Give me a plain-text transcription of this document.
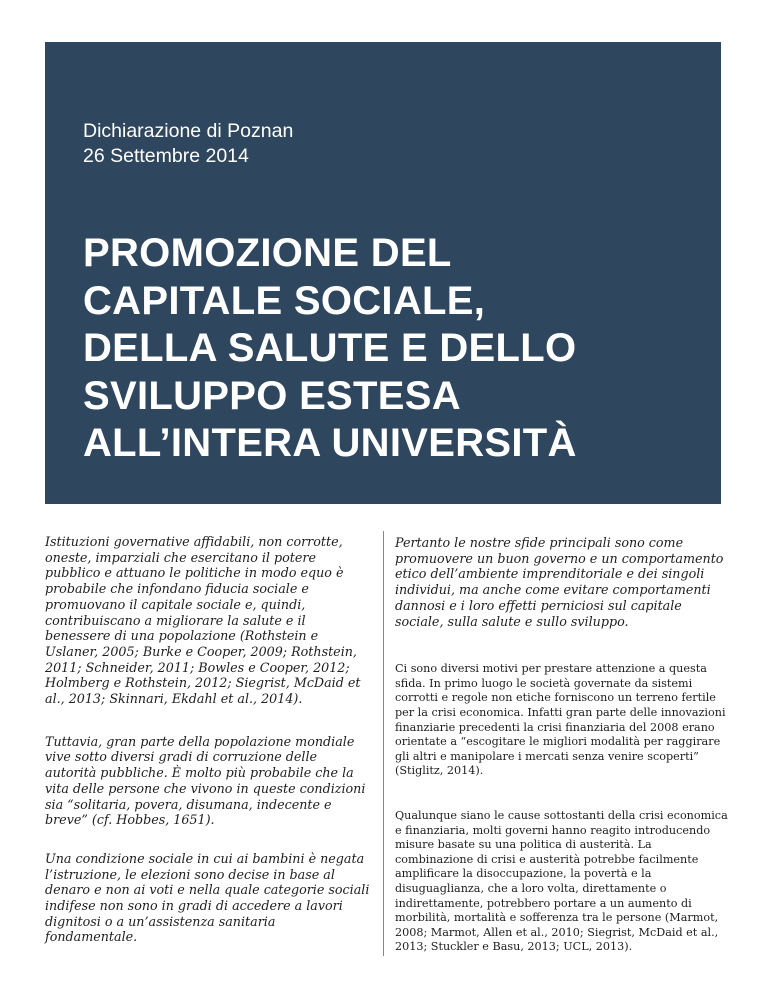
Dichiarazione di Poznan
26 Settembre 2014
PROMOZIONE DEL
CAPITALE SOCIALE,
DELLA SALUTE E DELLO
SVILUPPO ESTESA
ALL’INTERA UNIVERSITÀ

Istituzioni governative affidabili, non corrotte, oneste, imparziali che esercitano il potere pubblico e attuano le politiche in modo equo è probabile che infondano fiducia sociale e promuovano il capitale sociale e, quindi, contribuiscano a migliorare la salute e il benessere di una popolazione (Rothstein e Uslaner, 2005; Burke e Cooper, 2009; Rothstein, 2011; Schneider, 2011; Bowles e Cooper, 2012; Holmberg e Rothstein, 2012; Siegrist, McDaid et al., 2013; Skinnari, Ekdahl et al., 2014).

Tuttavia, gran parte della popolazione mondiale vive sotto diversi gradi di corruzione delle autorità pubbliche. È molto più probabile che la vita delle persone che vivono in queste condizioni sia “solitaria, povera, disumana, indecente e breve” (cf. Hobbes, 1651).

Una condizione sociale in cui ai bambini è negata l’istruzione, le elezioni sono decise in base al denaro e non ai voti e nella quale categorie sociali indifese non sono in gradi di accedere a lavori dignitosi o a un’assistenza sanitaria fondamentale.

Pertanto le nostre sfide principali sono come promuovere un buon governo e un comportamento etico dell’ambiente imprenditoriale e dei singoli individui, ma anche come evitare comportamenti dannosi e i loro effetti perniciosi sul capitale sociale, sulla salute e sullo sviluppo.

Ci sono diversi motivi per prestare attenzione a questa sfida. In primo luogo le società governate da sistemi corrotti e regole non etiche forniscono un terreno fertile per la crisi economica. Infatti gran parte delle innovazioni finanziarie precedenti la crisi finanziaria del 2008 erano orientate a “escogitare le migliori modalità per raggirare gli altri e manipolare i mercati senza venire scoperti” (Stiglitz, 2014).

Qualunque siano le cause sottostanti della crisi economica e finanziaria, molti governi hanno reagito introducendo misure basate su una politica di austerità. La combinazione di crisi e austerità potrebbe facilmente amplificare la disoccupazione, la povertà e la disuguaglianza, che a loro volta, direttamente o indirettamente, potrebbero portare a un aumento di morbilità, mortalità e sofferenza tra le persone (Marmot, 2008; Marmot, Allen et al., 2010; Siegrist, McDaid et al., 2013; Stuckler e Basu, 2013; UCL, 2013).
